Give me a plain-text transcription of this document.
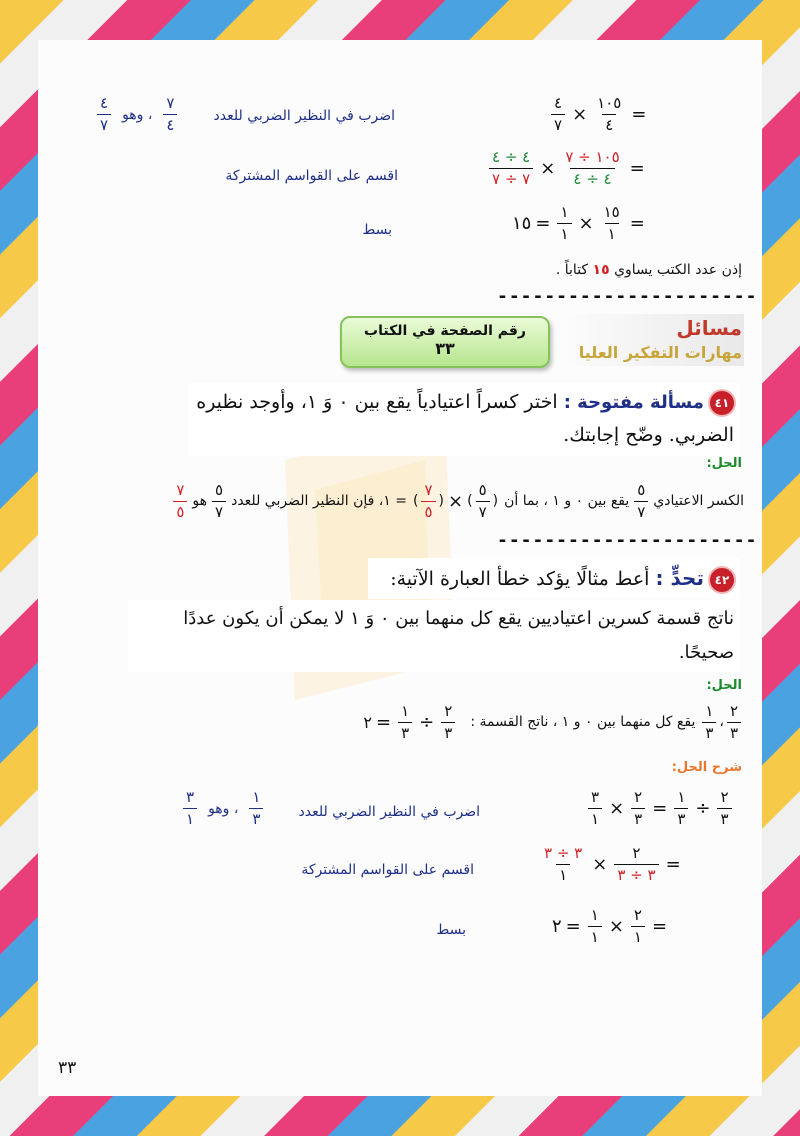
$\frac{٤}{٧} \times \frac{١٠٥}{٤}$ =
اضرب في النظير الضربي للعدد
$\frac{٤}{٧}$ ، وهو $\frac{٧}{٤}$
$\frac{٤ \div ٤}{٧ \div ٧} \times \frac{١٠٥ \div ٧}{٤ \div ٤}$ =
اقسم على القواسم المشتركة
١٥ = $\frac{١}{١} \times \frac{١٥}{١}$ =
بسط
إذن عدد الكتب يساوي ١٥ كتاباً .
----------------------
رقم الصفحة في الكتاب
٣٣
مسائل
مهارات التفكير العليا
٤١ مسألة مفتوحة : اختر كسراً اعتيادياً يقع بين ٠ وَ ١، وأوجد نظيره
الضربي. وضّح إجابتك.
الحل:
الكسر الاعتيادي
$\frac{٥}{٧}$
يقع بين ٠ و ١ ، بما أن
( $\frac{٧}{٥}$ ) × ( $\frac{٥}{٧}$ )
= ١، فإن النظير الضربي للعدد
$\frac{٥}{٧}$
هو
$\frac{٧}{٥}$
----------------------
٤٢ تحدٍّ : أعط مثالًا يؤكد خطأ العبارة الآتية:
ناتج قسمة كسرين اعتياديين يقع كل منهما بين ٠ وَ ١ لا يمكن أن يكون عددًا
صحيحًا.
الحل:
$\frac{٢}{٣}$
،
$\frac{١}{٣}$
يقع كل منهما بين ٠ و ١ ، ناتج القسمة :
٢ = $\frac{١}{٣} \div \frac{٢}{٣}$
شرح الحل:
$\frac{٣}{١} \times \frac{٢}{٣} = \frac{١}{٣} \div \frac{٢}{٣}$
اضرب في النظير الضربي للعدد
$\frac{٣}{١}$ ، وهو $\frac{١}{٣}$
$\frac{٣ \div ٣}{١} \times \frac{٢}{٣ \div ٣}$ =
اقسم على القواسم المشتركة
٢ = $\frac{١}{١} \times \frac{٢}{١}$ =
بسط
٣٣
